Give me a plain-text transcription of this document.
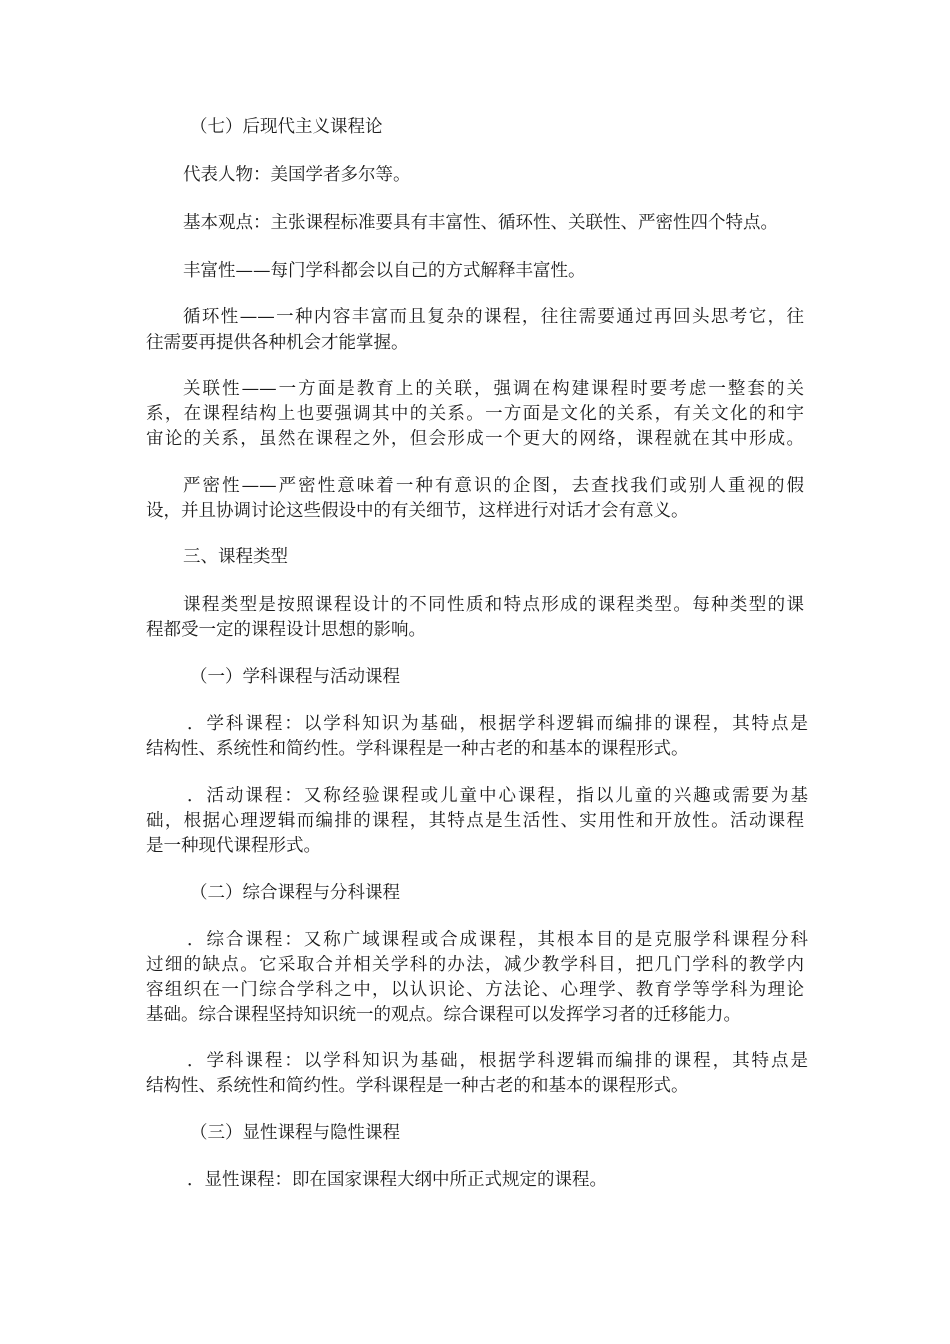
（七）后现代主义课程论
代表人物：美国学者多尔等。
基本观点：主张课程标准要具有丰富性、循环性、关联性、严密性四个特点。
丰富性——每门学科都会以自己的方式解释丰富性。
循环性——一种内容丰富而且复杂的课程，往往需要通过再回头思考它，往
往需要再提供各种机会才能掌握。
关联性——一方面是教育上的关联，强调在构建课程时要考虑一整套的关
系，在课程结构上也要强调其中的关系。一方面是文化的关系，有关文化的和宇
宙论的关系，虽然在课程之外，但会形成一个更大的网络，课程就在其中形成。
严密性——严密性意味着一种有意识的企图，去查找我们或别人重视的假
设，并且协调讨论这些假设中的有关细节，这样进行对话才会有意义。
三、课程类型
课程类型是按照课程设计的不同性质和特点形成的课程类型。每种类型的课
程都受一定的课程设计思想的影响。
（一）学科课程与活动课程
．学科课程：以学科知识为基础，根据学科逻辑而编排的课程，其特点是
结构性、系统性和简约性。学科课程是一种古老的和基本的课程形式。
．活动课程：又称经验课程或儿童中心课程，指以儿童的兴趣或需要为基
础，根据心理逻辑而编排的课程，其特点是生活性、实用性和开放性。活动课程
是一种现代课程形式。
（二）综合课程与分科课程
．综合课程：又称广域课程或合成课程，其根本目的是克服学科课程分科
过细的缺点。它采取合并相关学科的办法，减少教学科目，把几门学科的教学内
容组织在一门综合学科之中，以认识论、方法论、心理学、教育学等学科为理论
基础。综合课程坚持知识统一的观点。综合课程可以发挥学习者的迁移能力。
．学科课程：以学科知识为基础，根据学科逻辑而编排的课程，其特点是
结构性、系统性和简约性。学科课程是一种古老的和基本的课程形式。
（三）显性课程与隐性课程
．显性课程：即在国家课程大纲中所正式规定的课程。
